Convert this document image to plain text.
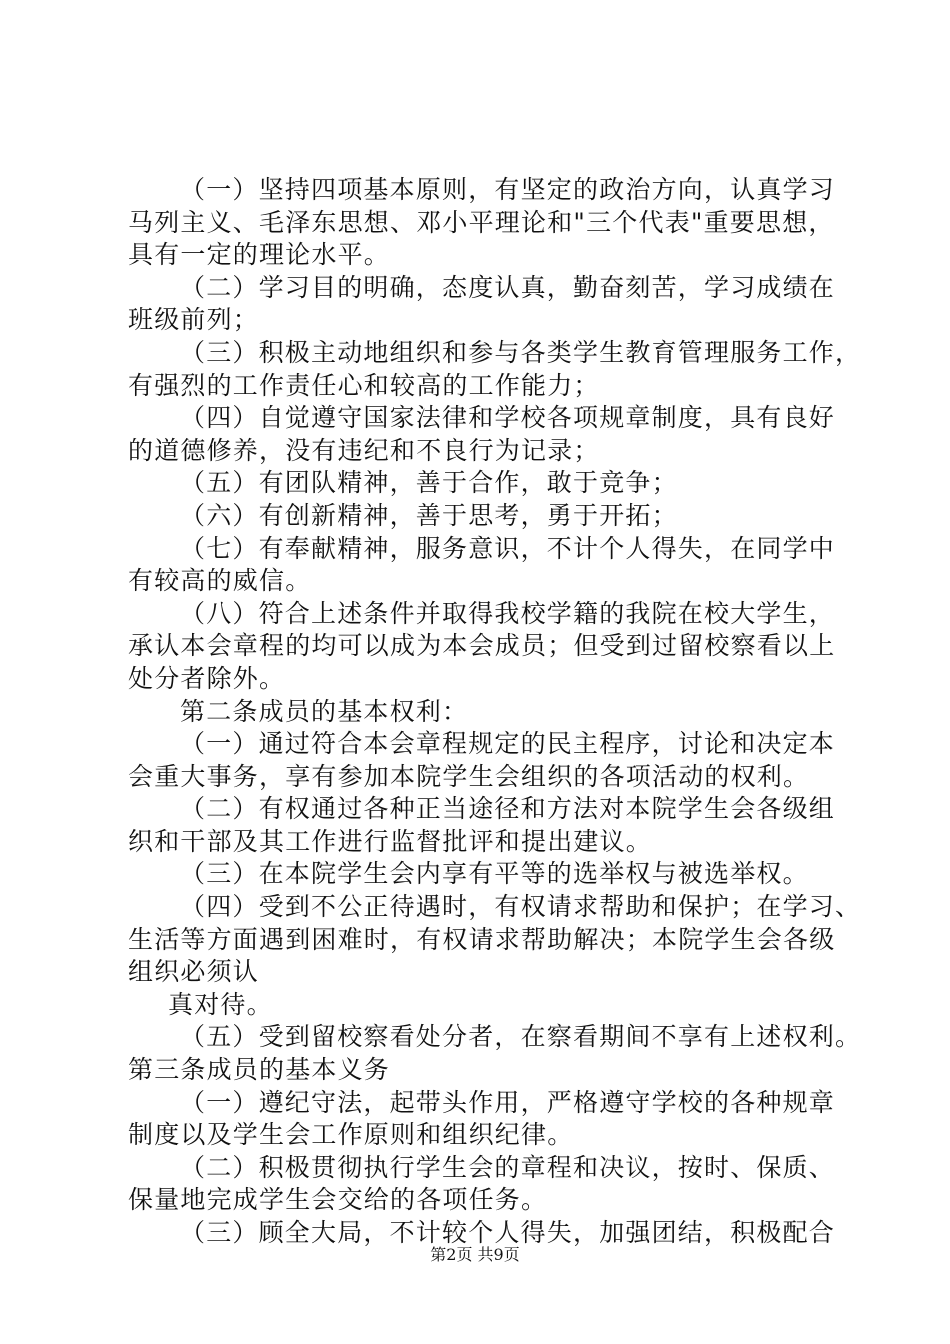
（一）坚持四项基本原则，有坚定的政治方向，认真学习
马列主义、毛泽东思想、邓小平理论和"三个代表"重要思想，
具有一定的理论水平。
（二）学习目的明确，态度认真，勤奋刻苦，学习成绩在
班级前列；
（三）积极主动地组织和参与各类学生教育管理服务工作，
有强烈的工作责任心和较高的工作能力；
（四）自觉遵守国家法律和学校各项规章制度，具有良好
的道德修养，没有违纪和不良行为记录；
（五）有团队精神，善于合作，敢于竞争；
（六）有创新精神，善于思考，勇于开拓；
（七）有奉献精神，服务意识，不计个人得失，在同学中
有较高的威信。
（八）符合上述条件并取得我校学籍的我院在校大学生，
承认本会章程的均可以成为本会成员；但受到过留校察看以上
处分者除外。
第二条成员的基本权利：
（一）通过符合本会章程规定的民主程序，讨论和决定本
会重大事务，享有参加本院学生会组织的各项活动的权利。
（二）有权通过各种正当途径和方法对本院学生会各级组
织和干部及其工作进行监督批评和提出建议。
（三）在本院学生会内享有平等的选举权与被选举权。
（四）受到不公正待遇时，有权请求帮助和保护；在学习、
生活等方面遇到困难时，有权请求帮助解决；本院学生会各级
组织必须认
真对待。
（五）受到留校察看处分者，在察看期间不享有上述权利。
第三条成员的基本义务
（一）遵纪守法，起带头作用，严格遵守学校的各种规章
制度以及学生会工作原则和组织纪律。
（二）积极贯彻执行学生会的章程和决议，按时、保质、
保量地完成学生会交给的各项任务。
（三）顾全大局，不计较个人得失，加强团结，积极配合
第2页 共9页
